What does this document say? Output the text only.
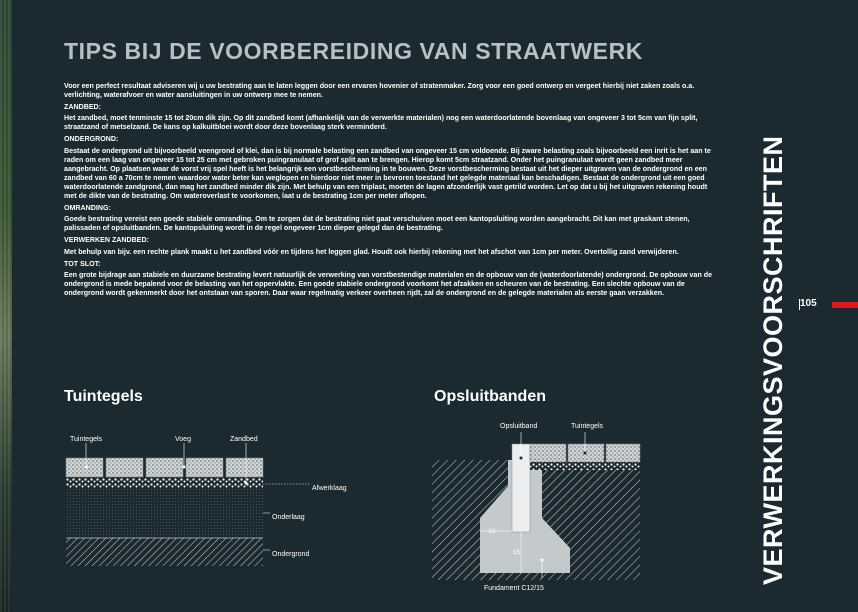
TIPS BIJ DE VOORBEREIDING VAN STRAATWERK

Voor een perfect resultaat adviseren wij u uw bestrating aan te laten leggen door een ervaren hovenier of stratenmaker. Zorg voor een goed ontwerp en vergeet hierbij niet zaken zoals o.a. verlichting, waterafvoer en water aansluitingen in uw ontwerp mee te nemen.

ZANDBED:

Het zandbed, moet tenminste 15 tot 20cm dik zijn. Op dit zandbed komt (afhankelijk van de verwerkte materialen) nog een waterdoorlatende bovenlaag van ongeveer 3 tot 5cm van fijn split, straatzand of metselzand. De kans op kalkuitbloei wordt door deze bovenlaag sterk verminderd.

ONDERGROND:

Bestaat de ondergrond uit bijvoorbeeld veengrond of klei, dan is bij normale belasting een zandbed van ongeveer 15 cm voldoende. Bij zware belasting zoals bijvoorbeeld een inrit is het aan te raden om een laag van ongeveer 15 tot 25 cm met gebroken puingranulaat of grof split aan te brengen. Hierop komt 5cm straatzand. Onder het puingranulaat wordt geen zandbed meer aangebracht. Op plaatsen waar de vorst vrij spel heeft is het belangrijk een vorstbescherming in te bouwen. Deze vorstbescherming bestaat uit het dieper uitgraven van de ondergrond en een zandbed van 60 a 70cm te nemen waardoor water beter kan weglopen en hierdoor niet meer in bevroren toestand het gelegde materiaal kan beschadigen. Bestaat de ondergrond uit een goed waterdoorlatende zandgrond, dan mag het zandbed minder dik zijn. Met behulp van een triplast, moeten de lagen afzonderlijk vast getrild worden. Let op dat u bij het uitgraven rekening houdt met de dikte van de bestrating. Om wateroverlast te voorkomen, laat u de bestrating 1cm per meter aflopen.

OMRANDING:

Goede bestrating vereist een goede stabiele omranding. Om te zorgen dat de bestrating niet gaat verschuiven moet een kantopsluiting worden aangebracht. Dit kan met graskant stenen, palissaden of opsluitbanden. De kantopsluiting wordt in de regel ongeveer 1cm dieper gelegd dan de bestrating.

VERWERKEN ZANDBED:

Met behulp van bijv. een rechte plank maakt u het zandbed vóór en tijdens het leggen glad. Houdt ook hierbij rekening met het afschot van 1cm per meter. Overtollig zand verwijderen.

TOT SLOT:

Een grote bijdrage aan stabiele en duurzame bestrating levert natuurlijk de verwerking van vorstbestendige materialen en de opbouw van de (waterdoorlatende) ondergrond. De opbouw van de ondergrond is mede bepalend voor de belasting van het oppervlakte. Een goede stabiele ondergrond voorkomt het afzakken en scheuren van de bestrating. Een slechte opbouw van de ondergrond wordt gekenmerkt door het ontstaan van sporen. Daar waar regelmatig verkeer overheen rijdt, zal de ondergrond en de gelegde materialen als eerste gaan verzakken.	VERWERKINGSVOORSCHRIFTEN 105
Tuintegels	Opsluitbanden
Tuintegels	Voeg	Zandbed
Afwerklaag
Onderlaag
Ondergrond
10
15
Opsluitband	Tuintegels
Fundament C12/15
